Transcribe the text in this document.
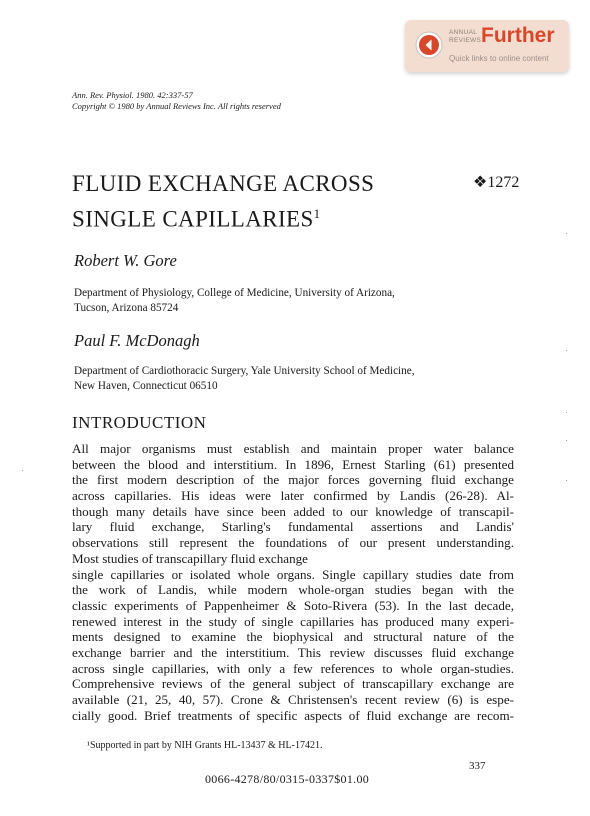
ANNUAL
REVIEWS Further
Quick links to online content
Ann. Rev. Physiol. 1980. 42:337-57
Copyright © 1980 by Annual Reviews Inc. All rights reserved
FLUID EXCHANGE ACROSS
SINGLE CAPILLARIES$^1$
❖1272
Robert W. Gore
Department of Physiology, College of Medicine, University of Arizona,
Tucson, Arizona 85724
Paul F. McDonagh
Department of Cardiothoracic Surgery, Yale University School of Medicine,
New Haven, Connecticut 06510
INTRODUCTION
All major organisms must establish and maintain proper water balance
between the blood and interstitium. In 1896, Ernest Starling (61) presented
the first modern description of the major forces governing fluid exchange
across capillaries. His ideas were later confirmed by Landis (26-28). Al-
though many details have since been added to our knowledge of transcapil-
lary fluid exchange, Starling's fundamental assertions and Landis'
observations still represent the foundations of our present understanding.
Most studies of transcapillary fluid exchange
single capillaries or isolated whole organs. Single capillary studies date from
the work of Landis, while modern whole-organ studies began with the
classic experiments of Pappenheimer & Soto-Rivera (53). In the last decade,
renewed interest in the study of single capillaries has produced many experi-
ments designed to examine the biophysical and structural nature of the
exchange barrier and the interstitium. This review discusses fluid exchange
across single capillaries, with only a few references to whole organ-studies.
Comprehensive reviews of the general subject of transcapillary exchange are
available (21, 25, 40, 57). Crone & Christensen's recent review (6) is espe-
cially good. Brief treatments of specific aspects of fluid exchange are recom-
¹Supported in part by NIH Grants HL-13437 & HL-17421.
337
0066-4278/80/0315-0337$01.00
